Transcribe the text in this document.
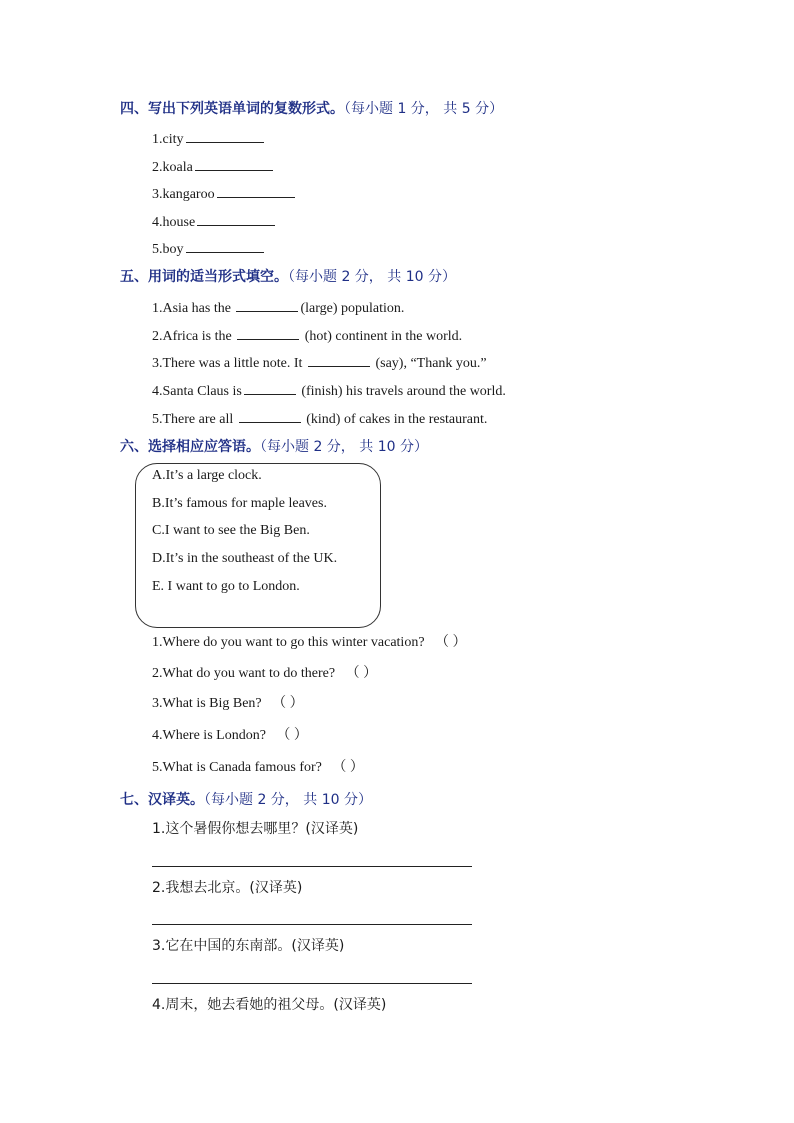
四、写出下列英语单词的复数形式。（每小题 1 分， 共 5 分）
1.city
2.koala
3.kangaroo
4.house
5.boy
五、用词的适当形式填空。（每小题 2 分， 共 10 分）
1.Asia has the	(large) population.
2.Africa is the	(hot) continent in the world.
3.There was a little note. It	(say), “Thank you.”
4.Santa Claus is	(finish) his travels around the world.
5.There are all	(kind) of cakes in the restaurant.
六、选择相应应答语。（每小题 2 分， 共 10 分）
A.It’s a large clock.
B.It’s famous for maple leaves.
C.I want to see the Big Ben.
D.It’s in the southeast of the UK.
E. I want to go to London.
1.Where do you want to go this winter vacation? （ ）
2.What do you want to do there? （ ）
3.What is Big Ben? （ ）
4.Where is London? （ ）
5.What is Canada famous for? （ ）
七、汉译英。（每小题 2 分， 共 10 分）
1.这个暑假你想去哪里？(汉译英)
2.我想去北京。(汉译英)
3.它在中国的东南部。(汉译英)
4.周末，她去看她的祖父母。(汉译英)
